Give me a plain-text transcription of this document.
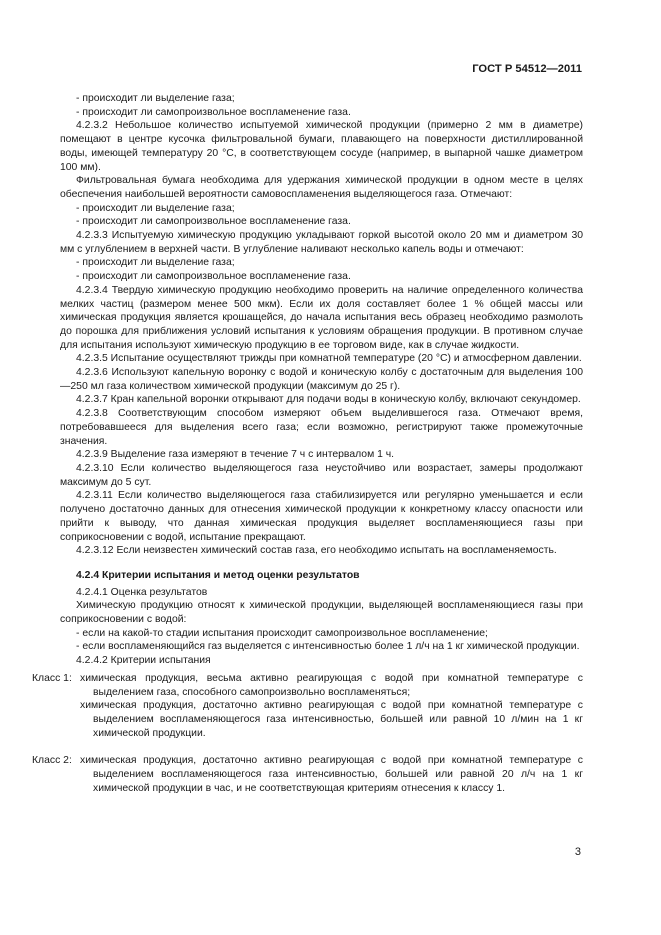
ГОСТ Р 54512—2011

- происходит ли выделение газа;

- происходит ли самопроизвольное воспламенение газа.

4.2.3.2 Небольшое количество испытуемой химической продукции (примерно 2 мм в диаметре) помещают в центре кусочка фильтровальной бумаги, плавающего на поверхности дистиллированной воды, имеющей температуру 20 °С, в соответствующем сосуде (например, в выпарной чашке диаметром 100 мм).

Фильтровальная бумага необходима для удержания химической продукции в одном месте в целях обеспечения наибольшей вероятности самовоспламенения выделяющегося газа. Отмечают:

- происходит ли выделение газа;

- происходит ли самопроизвольное воспламенение газа.

4.2.3.3 Испытуемую химическую продукцию укладывают горкой высотой около 20 мм и диаметром 30 мм с углублением в верхней части. В углубление наливают несколько капель воды и отмечают:

- происходит ли выделение газа;

- происходит ли самопроизвольное воспламенение газа.

4.2.3.4 Твердую химическую продукцию необходимо проверить на наличие определенного количества мелких частиц (размером менее 500 мкм). Если их доля составляет более 1 % общей массы или химическая продукция является крошащейся, до начала испытания весь образец необходимо размолоть до порошка для приближения условий испытания к условиям обращения продукции. В противном случае для испытания используют химическую продукцию в ее торговом виде, как в случае жидкости.

4.2.3.5 Испытание осуществляют трижды при комнатной температуре (20 °С) и атмосферном давлении.

4.2.3.6 Используют капельную воронку с водой и коническую колбу с достаточным для выделения 100—250 мл газа количеством химической продукции (максимум до 25 г).

4.2.3.7 Кран капельной воронки открывают для подачи воды в коническую колбу, включают секундомер.

4.2.3.8 Соответствующим способом измеряют объем выделившегося газа. Отмечают время, потребовавшееся для выделения всего газа; если возможно, регистрируют также промежуточные значения.

4.2.3.9 Выделение газа измеряют в течение 7 ч с интервалом 1 ч.

4.2.3.10 Если количество выделяющегося газа неустойчиво или возрастает, замеры продолжают максимум до 5 сут.

4.2.3.11 Если количество выделяющегося газа стабилизируется или регулярно уменьшается и если получено достаточно данных для отнесения химической продукции к конкретному классу опасности или прийти к выводу, что данная химическая продукция выделяет воспламеняющиеся газы при соприкосновении с водой, испытание прекращают.

4.2.3.12 Если неизвестен химический состав газа, его необходимо испытать на воспламеняемость.

4.2.4 Критерии испытания и метод оценки результатов

4.2.4.1 Оценка результатов

Химическую продукцию относят к химической продукции, выделяющей воспламеняющиеся газы при соприкосновении с водой:

- если на какой-то стадии испытания происходит самопроизвольное воспламенение;

- если воспламеняющийся газ выделяется с интенсивностью более 1 л/ч на 1 кг химической продукции.

4.2.4.2 Критерии испытания

Класс 1: химическая продукция, весьма активно реагирующая с водой при комнатной температуре с выделением газа, способного самопроизвольно воспламеняться;

химическая продукция, достаточно активно реагирующая с водой при комнатной температуре с выделением воспламеняющегося газа интенсивностью, большей или равной 10 л/мин на 1 кг химической продукции.

Класс 2: химическая продукция, достаточно активно реагирующая с водой при комнатной температуре с выделением воспламеняющегося газа интенсивностью, большей или равной 20 л/ч на 1 кг химической продукции в час, и не соответствующая критериям отнесения к классу 1.

3
